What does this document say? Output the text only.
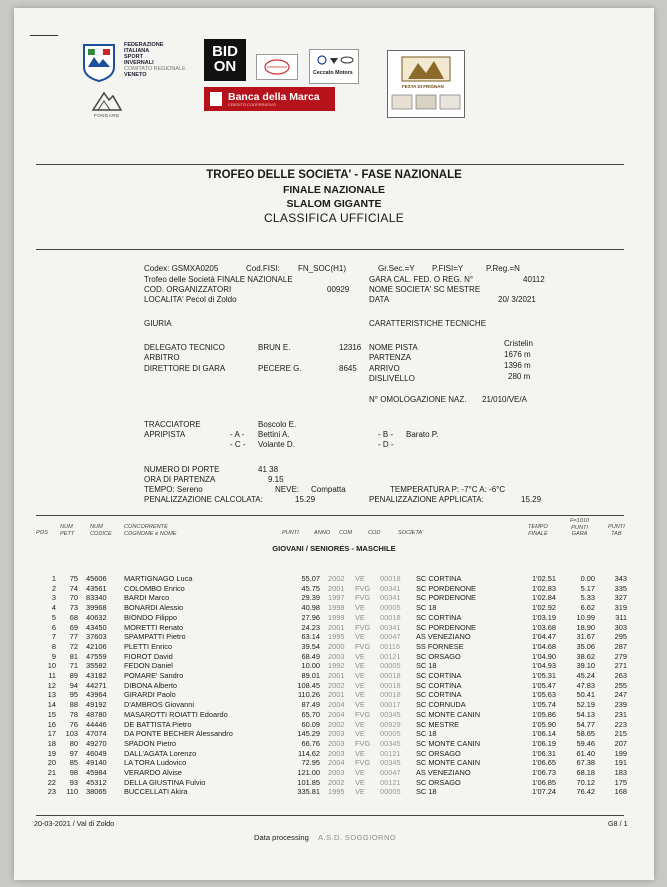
FEDERAZIONE
ITALIANA
SPORT
INVERNALI
COMITATO REGIONALE
VENETO
FONDARE
BID
ON	Ceccato Motors
Banca della Marca
CREDITO COOPERATIVO
FESTA DI FRIGNAN
TROFEO DELLE SOCIETA' - FASE NAZIONALE
FINALE NAZIONALE
SLALOM GIGANTE
CLASSIFICA UFFICIALE
Codex: GSMXA0205	Cod.FISI: FN_SOC(H1)	Gr.Sec.=Y P.FISI=Y	P.Reg.=N
Trofeo delle Società FINALE NAZIONALE	GARA CAL. FED. O REG. N°	40112
COD. ORGANIZZATORI	00929 NOME SOCIETA' SC MESTRE
LOCALITA' Pecol di Zoldo	DATA	20/ 3/2021
GIURIA	CARATTERISTICHE TECNICHE
DELEGATO TECNICO	BRUN E.	12316 NOME PISTA	Cristelin
ARBITRO	PARTENZA	1676 m
DIRETTORE DI GARA	PECERE G.	8645 ARRIVO	1396 m
DISLIVELLO	280 m
N° OMOLOGAZIONE NAZ. 21/010/VE/A
TRACCIATORE	Boscolo E.
APRIPISTA	- A - Bettini A.	- B - Barato P.
- C - Volante D.	- D -
NUMERO DI PORTE	41 38
ORA DI PARTENZA	9.15
TEMPO: Sereno	NEVE: Compatta	TEMPERATURA P: -7°C A: -6°C
PENALIZZAZIONE CALCOLATA:	15.29	PENALIZZAZIONE APPLICATA:	15.29
POS
NUM
PETT
NUM
CODICE
CONCORRENTE
COGNOME e NOME	PUNTI	ANNO COM	COD	SOCIETA'
TEMPO
FINALE
F=1010
PUNTI
GARA
PUNTI
TAB
GIOVANI / SENIORES - MASCHILE
1	75 45606	MARTIGNAGO Luca	55.07 2002 VE 00018 SC CORTINA	1'02.51	0.00	343
2	74 43561	COLOMBO Enrico	45.75 2001 FVG 00341 SC PORDENONE	1'02.83	5.17	335
3	70 83340	BARDI Marco	29.39 1997 FVG 00341 SC PORDENONE	1'02.84	5.33	327
4	73 39968	BONARDI Alessio	40.98 1998 VE 00005 SC 18	1'02.92	6.62	319
5	68 40632	BIONDO Filippo	27.96 1999 VE 00018 SC CORTINA	1'03.19	10.99	311
6	69 43450	MORETTI Renato	24.23 2001 FVG 00341 SC PORDENONE	1'03.68	18.90	303
7	77 37603	SPAMPATTI Pietro	63.14 1995 VE 00047 AS VENEZIANO	1'04.47	31.67	295
8	72 42106	PLETTI Enrico	39.54 2000 FVG 00116 SS FORNESE	1'04.68	35.06	287
9	81 47559	FIOROT David	68.49 2003 VE 00121 SC ORSAGO	1'04.90	38.62	279
10	71 35582	FEDON Daniel	10.00 1992 VE 00005 SC 18	1'04.93	39.10	271
11	89 43182	POMARE' Sandro	89.01 2001 VE 00018 SC CORTINA	1'05.31	45.24	263
12	94 44271	DIBONA Alberto	108.45 2002 VE 00018 SC CORTINA	1'05.47	47.83	255
13	95 43964	GIRARDI Paolo	110.26 2001 VE 00018 SC CORTINA	1'05.63	50.41	247
14	88 49192	D'AMBROS Giovanni	87.49 2004 VE 00017 SC CORNUDA	1'05.74	52.19	239
15	78 48780	MASAROTTI ROIATTI Edoardo	65.70 2004 FVG 00345 SC MONTE CANIN	1'05.86	54.13	231
16	76 44446	DE BATTISTA Pietro	60.09 2002 VE 00929 SC MESTRE	1'05.90	54.77	223
17	103 47074	DA PONTE BECHER Alessandro	145.29 2003 VE 00005 SC 18	1'06.14	58.65	215
18	80 49270	SPADON Pietro	66.76 2003 FVG 00345 SC MONTE CANIN	1'06.19	59.46	207
19	97 46049	DALL'AGATA Lorenzo	114.62 2003 VE 00121 SC ORSAGO	1'06.31	61.40	199
20	85 49140	LA TORA Ludovico	72.95 2004 FVG 00345 SC MONTE CANIN	1'06.65	67.38	191
21	98 45984	VERARDO Alvise	121.00 2003 VE 00047 AS VENEZIANO	1'06.73	68.18	183
22	93 45312	DELLA GIUSTINA Fulvio	101.85 2002 VE 00121 SC ORSAGO	1'06.85	70.12	175
23	110 38065	BUCCELLATI Akira	335.81 1995 VE 00005 SC 18	1'07.24	76.42	168
20-03-2021 / Val di Zoldo	G8 / 1
Data processing A.S.D. SOGGIORNO
